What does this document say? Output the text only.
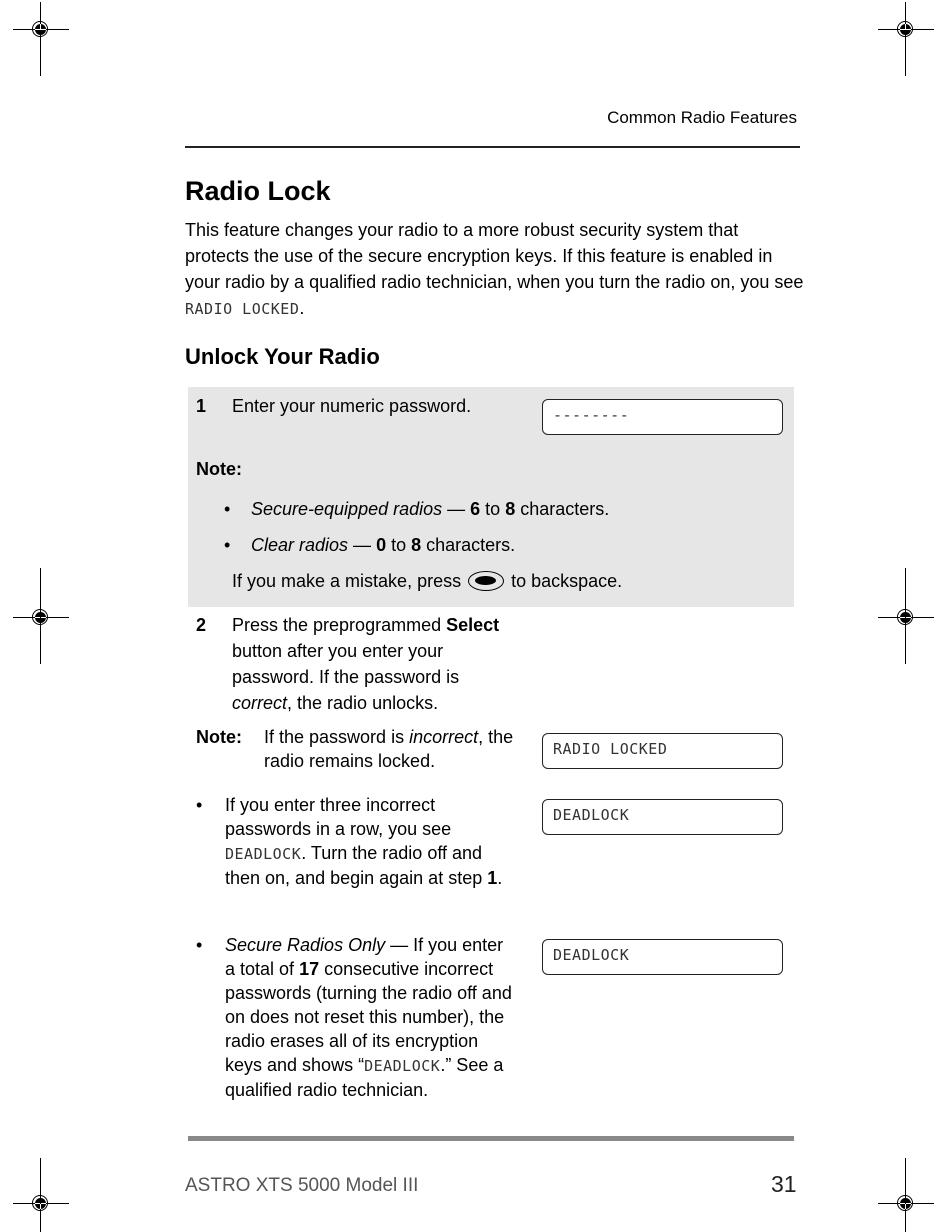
Common Radio Features
Radio Lock

This feature changes your radio to a more robust security system that protects the use of the secure encryption keys. If this feature is enabled in your radio by a qualified radio technician, when you turn the radio on, you see RADIO LOCKED.

Unlock Your Radio
1 Enter your numeric password.	--------
Note:
• Secure-equipped radios — 6 to 8 characters.
• Clear radios — 0 to 8 characters.
If you make a mistake, press  to backspace.
2 Press the preprogrammed Select button after you enter your password. If the password is correct, the radio unlocks.
Note: If the password is incorrect, the radio remains locked.
RADIO LOCKED
• If you enter three incorrect passwords in a row, you see DEADLOCK. Turn the radio off and then on, and begin again at step 1.
DEADLOCK
• Secure Radios Only — If you enter a total of 17 consecutive incorrect passwords (turning the radio off and on does not reset this number), the radio erases all of its encryption keys and shows “DEADLOCK.” See a qualified radio technician.
DEADLOCK
ASTRO XTS 5000 Model III	31
